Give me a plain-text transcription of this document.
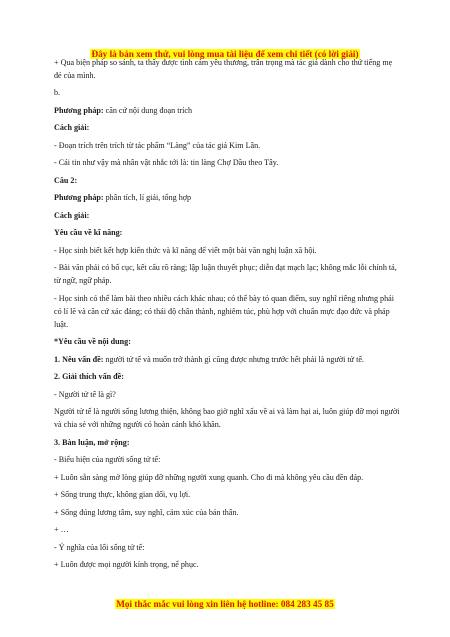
Đây là bản xem thử, vui lòng mua tài liệu để xem chi tiết (có lời giải)

+ Qua biện pháp so sánh, ta thấy được tình cảm yêu thương, trân trọng mà tác giả dành cho thứ tiếng mẹ đẻ của mình.

b.

Phương pháp: căn cứ nội dung đoạn trích

Cách giải:

- Đoạn trích trên trích từ tác phẩm “Làng” của tác giả Kim Lân.

- Cái tin như vậy mà nhân vật nhắc tới là: tin làng Chợ Dầu theo Tây.

Câu 2:

Phương pháp: phân tích, lí giải, tổng hợp

Cách giải:

Yêu cầu về kĩ năng:

- Học sinh biết kết hợp kiến thức và kĩ năng để viết một bài văn nghị luận xã hội.

- Bài văn phải có bố cục, kết cấu rõ ràng; lập luận thuyết phục; diễn đạt mạch lạc; không mắc lỗi chính tả, từ ngữ, ngữ pháp.

- Học sinh có thể làm bài theo nhiều cách khác nhau; có thể bày tỏ quan điểm, suy nghĩ riêng nhưng phải có lí lẽ và căn cứ xác đáng; có thái độ chân thành, nghiêm túc, phù hợp với chuẩn mực đạo đức và pháp luật.

*Yêu cầu về nội dung:

1. Nêu vấn đề: người tử tế và muốn trở thành gì cũng được nhưng trước hết phải là người tử tế.

2. Giải thích vấn đề:

- Người tử tế là gì?

Người tử tế là người sống lương thiện, không bao giờ nghĩ xấu về ai và làm hại ai, luôn giúp đỡ mọi người và chia sẻ với những người có hoàn cảnh khó khăn.

3. Bàn luận, mở rộng:

- Biểu hiện của người sống tử tế:

+ Luôn sẵn sàng mở lòng giúp đỡ những người xung quanh. Cho đi mà không yêu cầu đền đáp.

+ Sống trung thực, không gian dối, vụ lợi.

+ Sống đúng lương tâm, suy nghĩ, cảm xúc của bản thân.

+ …

- Ý nghĩa của lối sống tử tế:

+ Luôn được mọi người kính trọng, nể phục.

Mọi thắc mắc vui lòng xin liên hệ hotline: 084 283 45 85
